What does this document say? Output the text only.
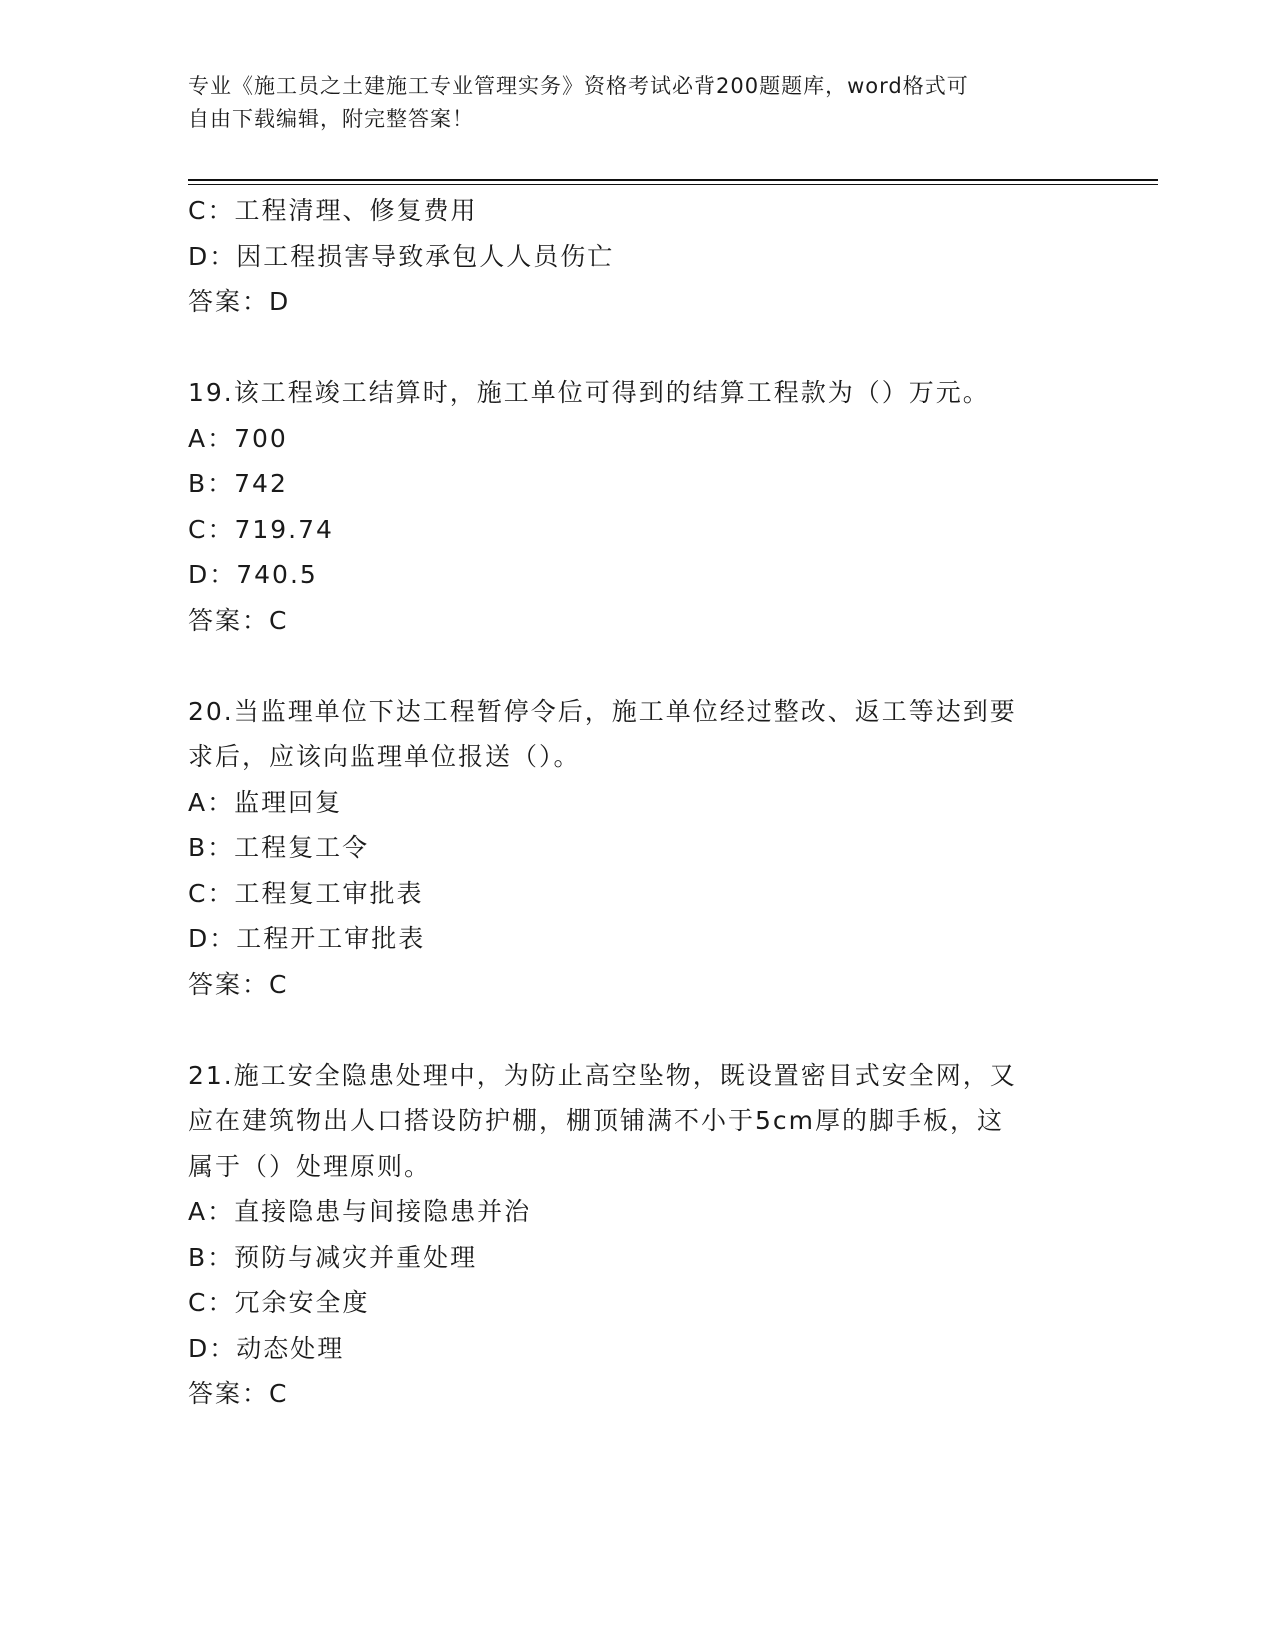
专业《施工员之土建施工专业管理实务》资格考试必背200题题库，word格式可
自由下载编辑，附完整答案！
C：工程清理、修复费用
D：因工程损害导致承包人人员伤亡
答案：D
19.该工程竣工结算时，施工单位可得到的结算工程款为（）万元。
A：700
B：742
C：719.74
D：740.5
答案：C
20.当监理单位下达工程暂停令后，施工单位经过整改、返工等达到要
求后，应该向监理单位报送（）。
A：监理回复
B：工程复工令
C：工程复工审批表
D：工程开工审批表
答案：C
21.施工安全隐患处理中，为防止高空坠物，既设置密目式安全网，又
应在建筑物出人口搭设防护棚，棚顶铺满不小于5cm厚的脚手板，这
属于（）处理原则。
A：直接隐患与间接隐患并治
B：预防与减灾并重处理
C：冗余安全度
D：动态处理
答案：C
